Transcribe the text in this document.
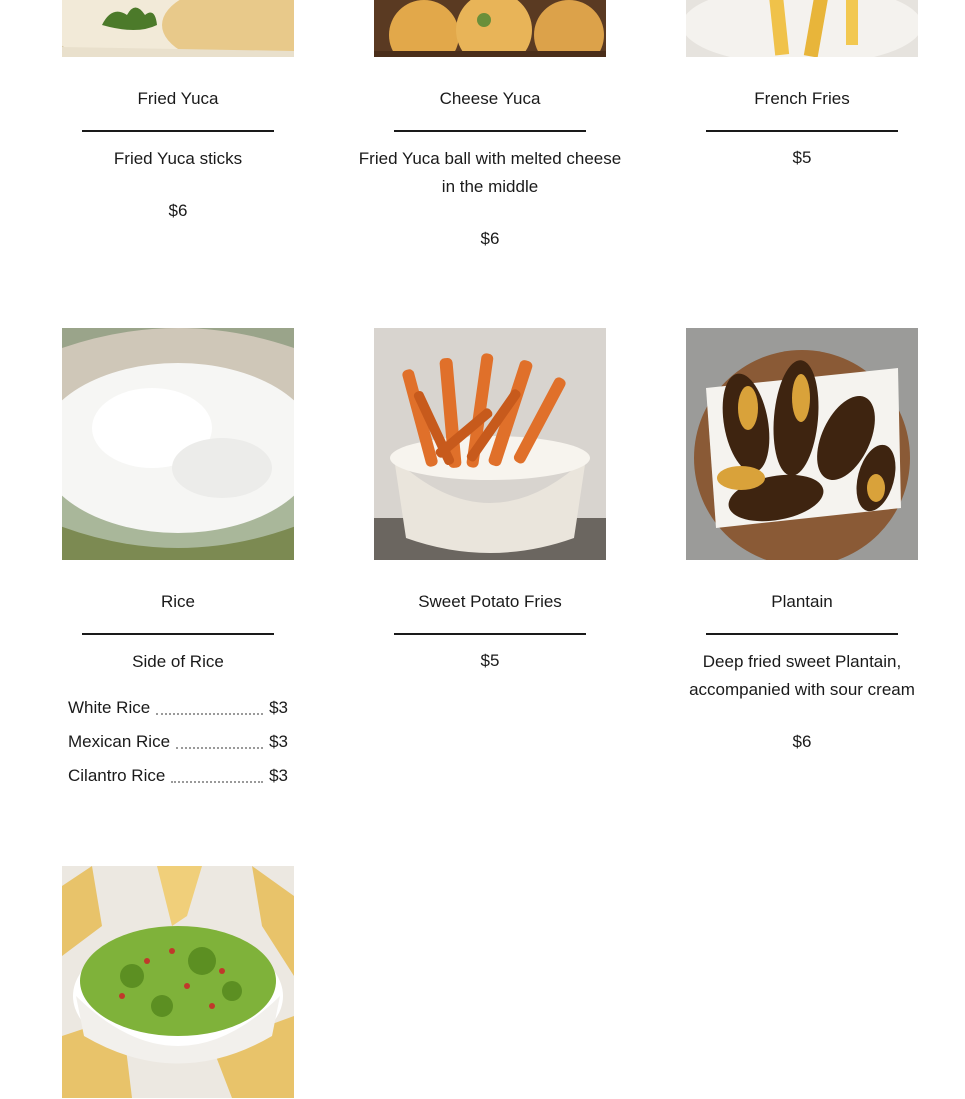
Fried Yuca
Fried Yuca sticks
$6
Cheese Yuca
Fried Yuca ball with melted cheese in the middle
$6
French Fries
$5
Rice
Side of Rice
White Rice	$3
Mexican Rice	$3
Cilantro Rice	$3
Sweet Potato Fries
$5
Plantain
Deep fried sweet Plantain, accompanied with sour cream
$6
